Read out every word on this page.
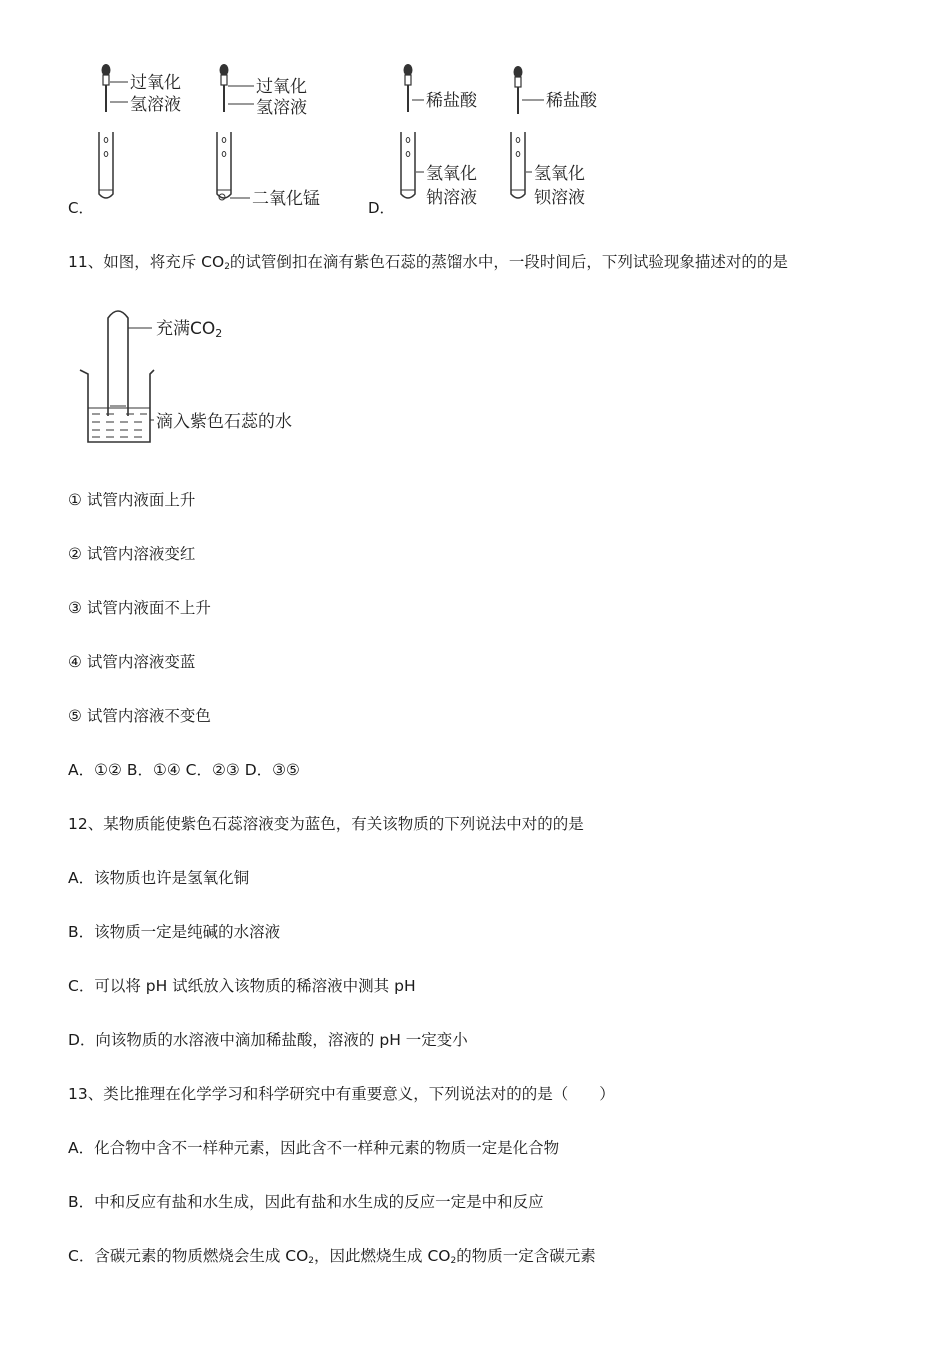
过氧化
氢溶液
过氧化
氢溶液
二氧化锰
稀盐酸
氢氧化
钠溶液
稀盐酸
氢氧化
钡溶液
C．	D．
11、如图，将充斥 $CO_2$的试管倒扣在滴有紫色石蕊的蒸馏水中，一段时间后，下列试验现象描述对的的是
充满CO2
滴入紫色石蕊的水
① 试管内液面上升
② 试管内溶液变红
③ 试管内液面不上升
④ 试管内溶液变蓝
⑤ 试管内溶液不变色
A．①② B．①④ C．②③ D．③⑤
12、某物质能使紫色石蕊溶液变为蓝色，有关该物质的下列说法中对的的是
A．该物质也许是氢氧化铜
B．该物质一定是纯碱的水溶液
C．可以将 pH 试纸放入该物质的稀溶液中测其 pH
D．向该物质的水溶液中滴加稀盐酸，溶液的 pH 一定变小
13、类比推理在化学学习和科学研究中有重要意义，下列说法对的的是（　　）
A．化合物中含不一样种元素，因此含不一样种元素的物质一定是化合物
B．中和反应有盐和水生成，因此有盐和水生成的反应一定是中和反应
C．含碳元素的物质燃烧会生成 $CO_2$，因此燃烧生成 $CO_2$的物质一定含碳元素
